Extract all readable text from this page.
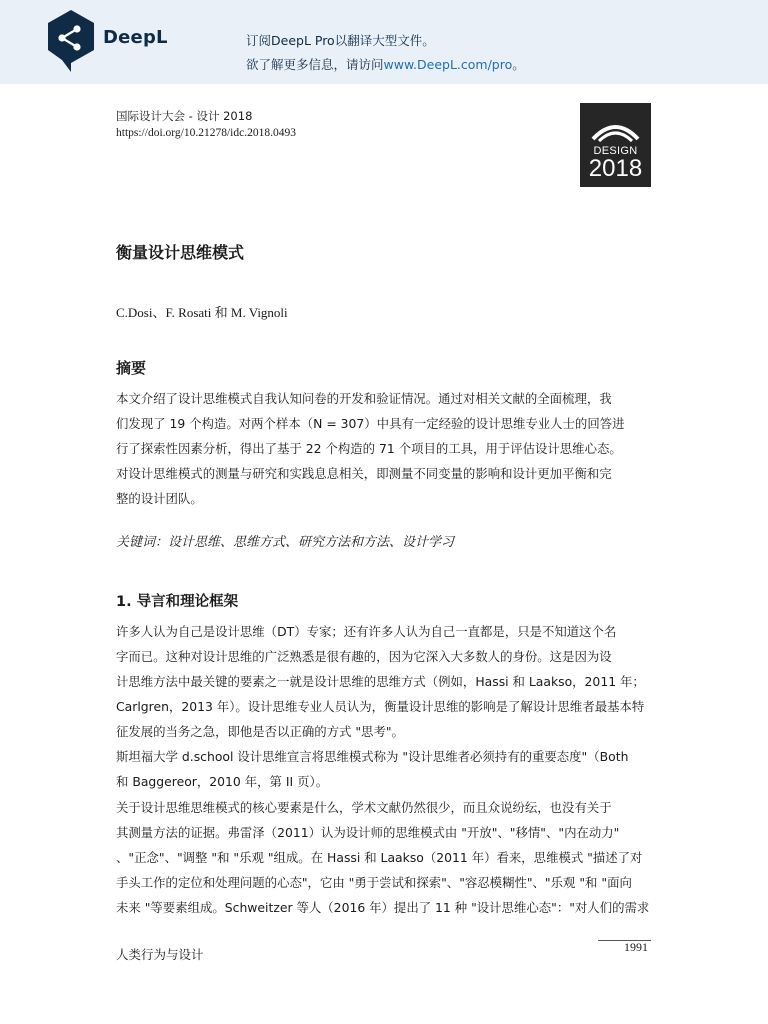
DeepL	订阅DeepL Pro以翻译大型文件。
欲了解更多信息，请访问www.DeepL.com/pro。
国际设计大会 - 设计 2018
https://doi.org/10.21278/idc.2018.0493
DESIGN
2018
衡量设计思维模式
C.Dosi、F. Rosati 和 M. Vignoli
摘要
本文介绍了设计思维模式自我认知问卷的开发和验证情况。通过对相关文献的全面梳理，我
们发现了 19 个构造。对两个样本（N = 307）中具有一定经验的设计思维专业人士的回答进
行了探索性因素分析，得出了基于 22 个构造的 71 个项目的工具，用于评估设计思维心态。
对设计思维模式的测量与研究和实践息息相关，即测量不同变量的影响和设计更加平衡和完
整的设计团队。
关键词：设计思维、思维方式、研究方法和方法、设计学习
1. 导言和理论框架
许多人认为自己是设计思维（DT）专家；还有许多人认为自己一直都是，只是不知道这个名
字而已。这种对设计思维的广泛熟悉是很有趣的，因为它深入大多数人的身份。这是因为设
计思维方法中最关键的要素之一就是设计思维的思维方式（例如，Hassi 和 Laakso，2011 年；
Carlgren，2013 年）。设计思维专业人员认为，衡量设计思维的影响是了解设计思维者最基本特
征发展的当务之急，即他是否以正确的方式 "思考"。
斯坦福大学 d.school 设计思维宣言将思维模式称为 "设计思维者必须持有的重要态度"（Both
和 Baggereor，2010 年，第 II 页）。
关于设计思维思维模式的核心要素是什么，学术文献仍然很少，而且众说纷纭，也没有关于
其测量方法的证据。弗雷泽（2011）认为设计师的思维模式由 "开放"、"移情"、"内在动力"
、"正念"、"调整 "和 "乐观 "组成。在 Hassi 和 Laakso（2011 年）看来，思维模式 "描述了对
手头工作的定位和处理问题的心态"，它由 "勇于尝试和探索"、"容忍模糊性"、"乐观 "和 "面向
未来 "等要素组成。Schweitzer 等人（2016 年）提出了 11 种 "设计思维心态"："对人们的需求
人类行为与设计	1991
